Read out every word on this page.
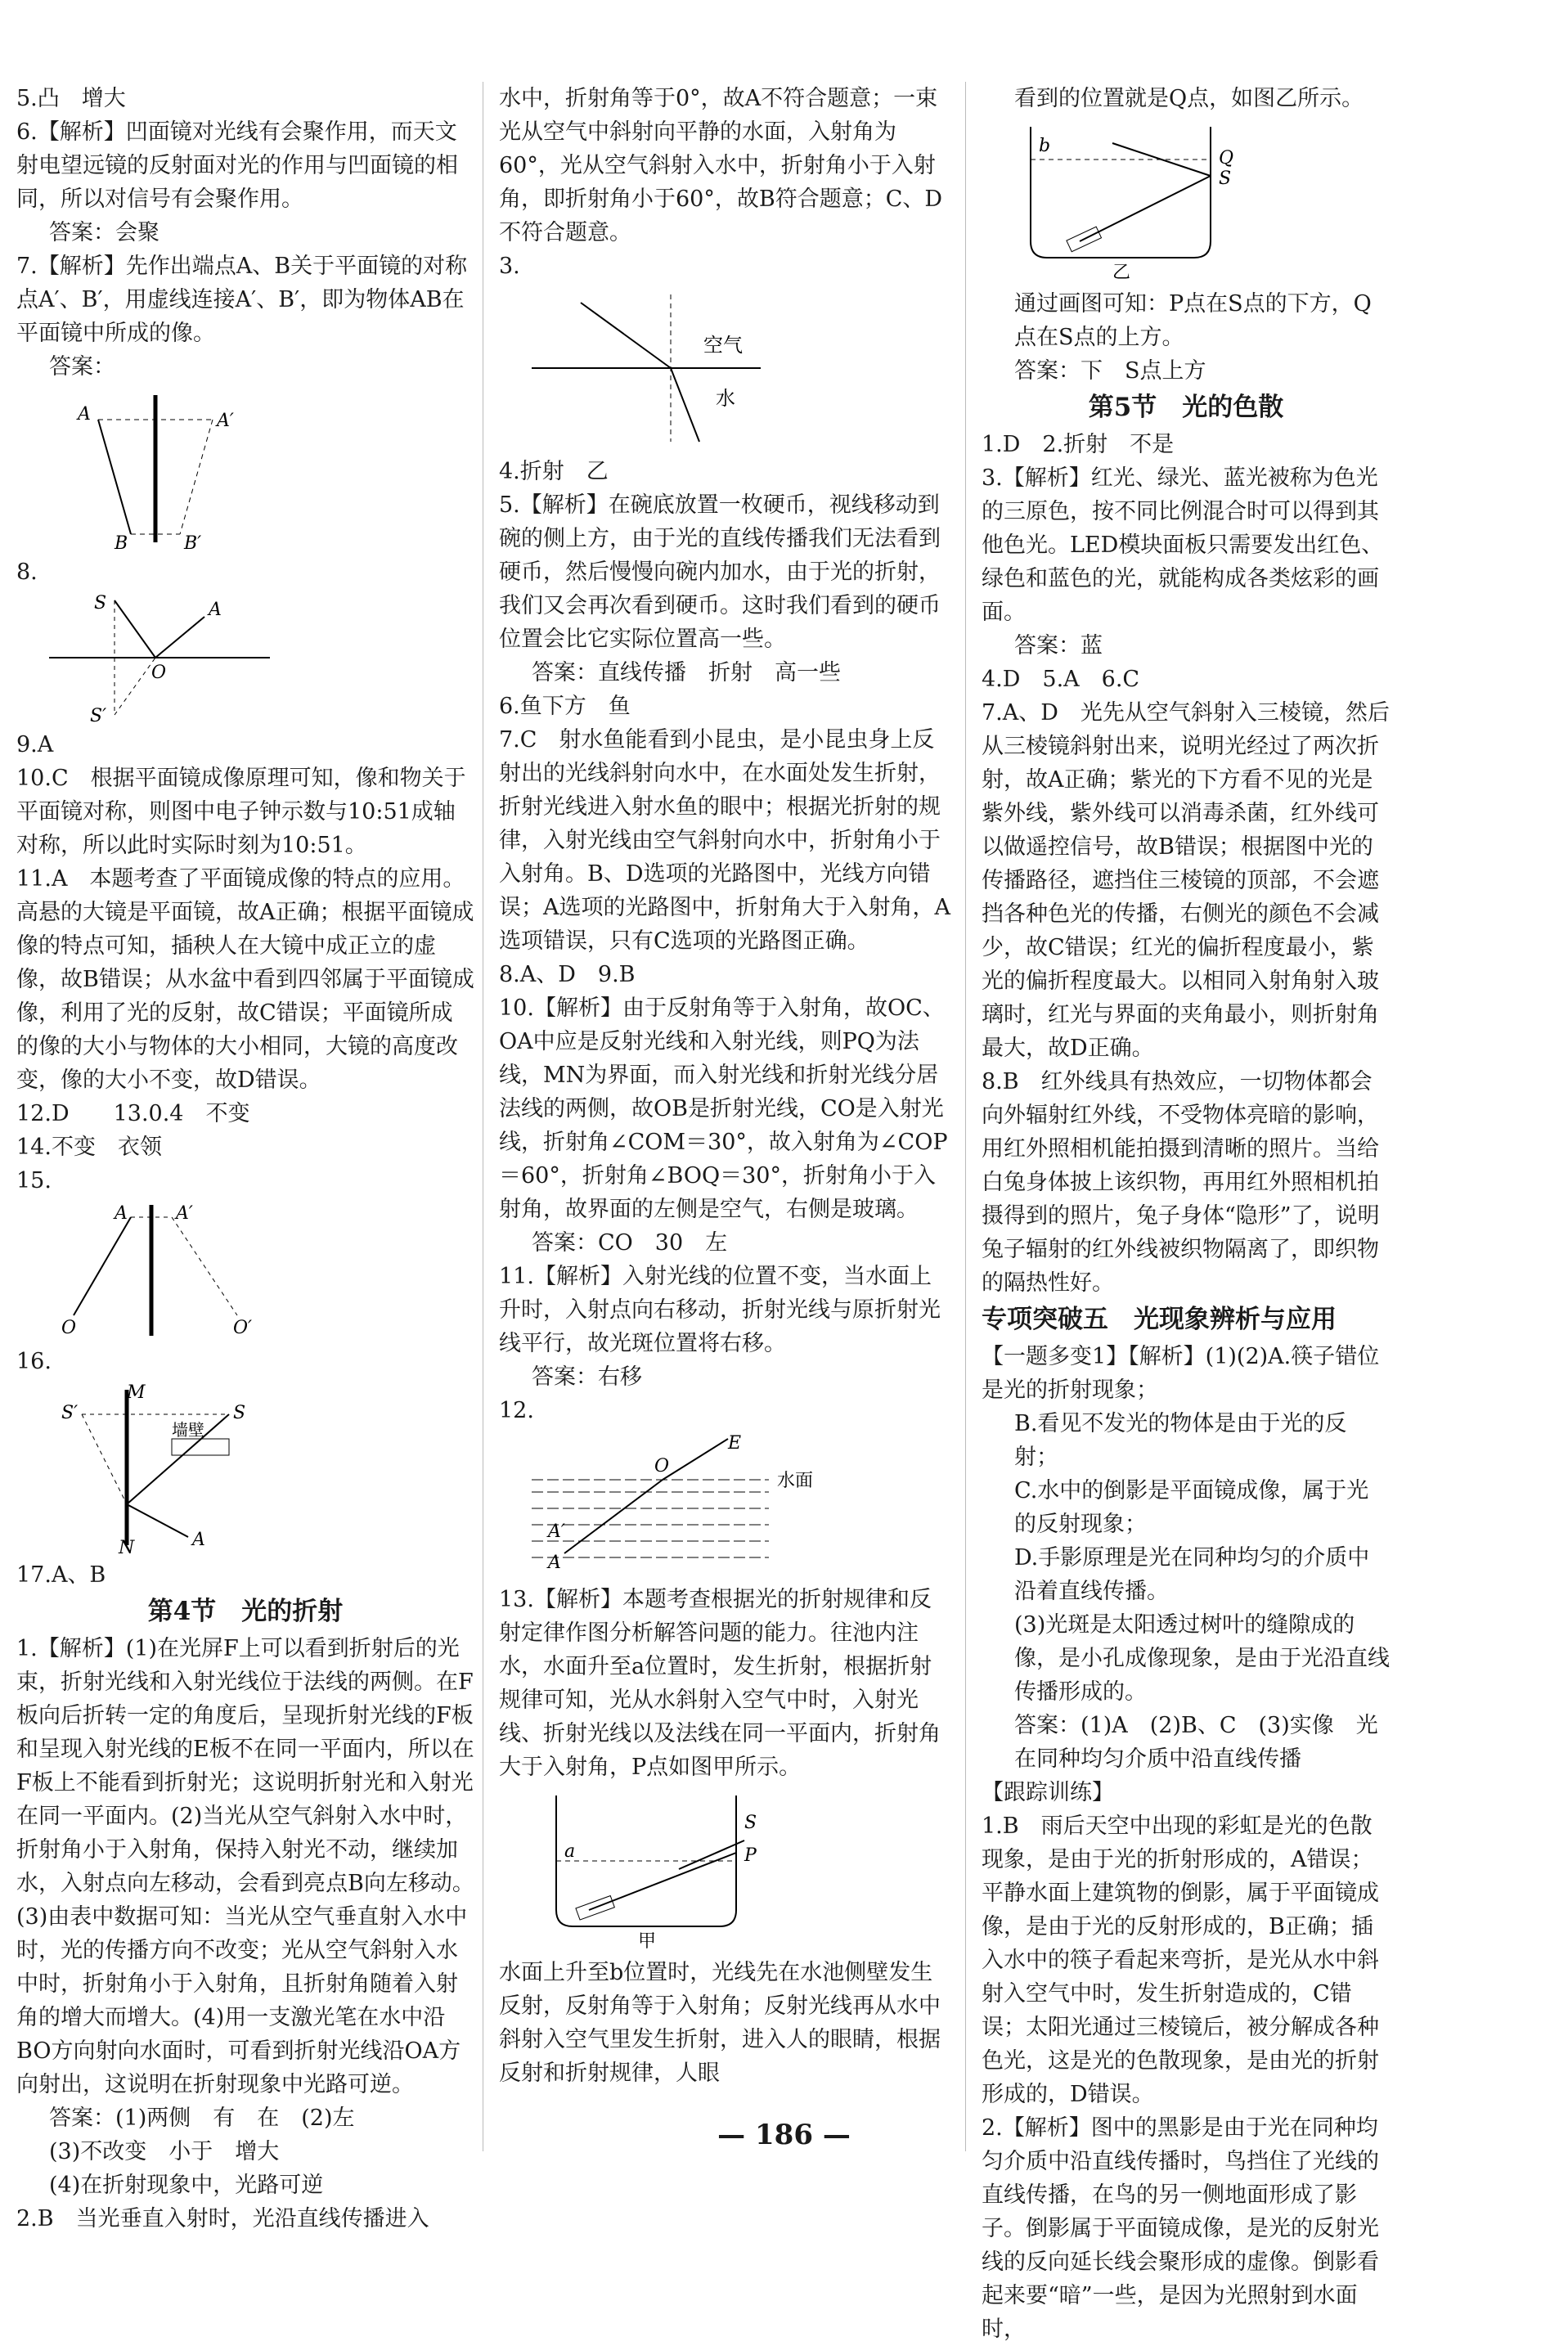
5.凸　增大

6.【解析】凹面镜对光线有会聚作用，而天文射电望远镜的反射面对光的作用与凹面镜的相同，所以对信号有会聚作用。

答案：会聚

7.【解析】先作出端点A、B关于平面镜的对称点A′、B′，用虚线连接A′、B′，即为物体AB在平面镜中所成的像。

答案：

A	A′
B	B′

8.

S	A
O
S′

9.A

10.C　根据平面镜成像原理可知，像和物关于平面镜对称，则图中电子钟示数与10:51成轴对称，所以此时实际时刻为10:51。

11.A　本题考查了平面镜成像的特点的应用。高悬的大镜是平面镜，故A正确；根据平面镜成像的特点可知，插秧人在大镜中成正立的虚像，故B错误；从水盆中看到四邻属于平面镜成像，利用了光的反射，故C错误；平面镜所成的像的大小与物体的大小相同，大镜的高度改变，像的大小不变，故D错误。

12.D　　13.0.4　不变

14.不变　衣领

15.

A	A′
O	O′

16.

M
S′	S
墙壁
A
N

17.A、B

第4节　光的折射

1.【解析】(1)在光屏F上可以看到折射后的光束，折射光线和入射光线位于法线的两侧。在F板向后折转一定的角度后，呈现折射光线的F板和呈现入射光线的E板不在同一平面内，所以在F板上不能看到折射光；这说明折射光和入射光在同一平面内。(2)当光从空气斜射入水中时，折射角小于入射角，保持入射光不动，继续加水，入射点向左移动，会看到亮点B向左移动。(3)由表中数据可知：当光从空气垂直射入水中时，光的传播方向不改变；光从空气斜射入水中时，折射角小于入射角，且折射角随着入射角的增大而增大。(4)用一支激光笔在水中沿BO方向射向水面时，可看到折射光线沿OA方向射出，这说明在折射现象中光路可逆。

答案：(1)两侧　有　在　(2)左

(3)不改变　小于　增大

(4)在折射现象中，光路可逆

2.B　当光垂直入射时，光沿直线传播进入

水中，折射角等于0°，故A不符合题意；一束光从空气中斜射向平静的水面，入射角为60°，光从空气斜射入水中，折射角小于入射角，即折射角小于60°，故B符合题意；C、D不符合题意。

3.

空气
水

4.折射　乙

5.【解析】在碗底放置一枚硬币，视线移动到碗的侧上方，由于光的直线传播我们无法看到硬币，然后慢慢向碗内加水，由于光的折射，我们又会再次看到硬币。这时我们看到的硬币位置会比它实际位置高一些。

答案：直线传播　折射　高一些

6.鱼下方　鱼

7.C　射水鱼能看到小昆虫，是小昆虫身上反射出的光线斜射向水中，在水面处发生折射，折射光线进入射水鱼的眼中；根据光折射的规律，入射光线由空气斜射向水中，折射角小于入射角。B、D选项的光路图中，光线方向错误；A选项的光路图中，折射角大于入射角，A选项错误，只有C选项的光路图正确。

8.A、D　9.B

10.【解析】由于反射角等于入射角，故OC、OA中应是反射光线和入射光线，则PQ为法线，MN为界面，而入射光线和折射光线分居法线的两侧，故OB是折射光线，CO是入射光线，折射角∠COM＝30°，故入射角为∠COP＝60°，折射角∠BOQ＝30°，折射角小于入射角，故界面的左侧是空气，右侧是玻璃。

答案：CO　30　左

11.【解析】入射光线的位置不变，当水面上升时，入射点向右移动，折射光线与原折射光线平行，故光斑位置将右移。

答案：右移

12.

E
O
水面
A′
A

13.【解析】本题考查根据光的折射规律和反射定律作图分析解答问题的能力。往池内注水，水面升至a位置时，发生折射，根据折射规律可知，光从水斜射入空气中时，入射光线、折射光线以及法线在同一平面内，折射角大于入射角，P点如图甲所示。

S
P
a
甲

水面上升至b位置时，光线先在水池侧壁发生反射，反射角等于入射角；反射光线再从水中斜射入空气里发生折射，进入人的眼睛，根据反射和折射规律，人眼

看到的位置就是Q点，如图乙所示。

Q
S
b
乙

通过画图可知：P点在S点的下方，Q点在S点的上方。

答案：下　S点上方

第5节　光的色散

1.D　2.折射　不是

3.【解析】红光、绿光、蓝光被称为色光的三原色，按不同比例混合时可以得到其他色光。LED模块面板只需要发出红色、绿色和蓝色的光，就能构成各类炫彩的画面。

答案：蓝

4.D　5.A　6.C

7.A、D　光先从空气斜射入三棱镜，然后从三棱镜斜射出来，说明光经过了两次折射，故A正确；紫光的下方看不见的光是紫外线，紫外线可以消毒杀菌，红外线可以做遥控信号，故B错误；根据图中光的传播路径，遮挡住三棱镜的顶部，不会遮挡各种色光的传播，右侧光的颜色不会减少，故C错误；红光的偏折程度最小，紫光的偏折程度最大。以相同入射角射入玻璃时，红光与界面的夹角最小，则折射角最大，故D正确。

8.B　红外线具有热效应，一切物体都会向外辐射红外线，不受物体亮暗的影响，用红外照相机能拍摄到清晰的照片。当给白兔身体披上该织物，再用红外照相机拍摄得到的照片，兔子身体“隐形”了，说明兔子辐射的红外线被织物隔离了，即织物的隔热性好。

专项突破五　光现象辨析与应用

【一题多变1】【解析】(1)(2)A.筷子错位是光的折射现象；

B.看见不发光的物体是由于光的反射；

C.水中的倒影是平面镜成像，属于光的反射现象；

D.手影原理是光在同种均匀的介质中沿着直线传播。

(3)光斑是太阳透过树叶的缝隙成的像，是小孔成像现象，是由于光沿直线传播形成的。

答案：(1)A　(2)B、C　(3)实像　光在同种均匀介质中沿直线传播

【跟踪训练】

1.B　雨后天空中出现的彩虹是光的色散现象，是由于光的折射形成的，A错误；平静水面上建筑物的倒影，属于平面镜成像，是由于光的反射形成的，B正确；插入水中的筷子看起来弯折，是光从水中斜射入空气中时，发生折射造成的，C错误；太阳光通过三棱镜后，被分解成各种色光，这是光的色散现象，是由光的折射形成的，D错误。

2.【解析】图中的黑影是由于光在同种均匀介质中沿直线传播时，鸟挡住了光线的直线传播，在鸟的另一侧地面形成了影子。倒影属于平面镜成像，是光的反射光线的反向延长线会聚形成的虚像。倒影看起来要“暗”一些，是因为光照射到水面时，

— 186 —
